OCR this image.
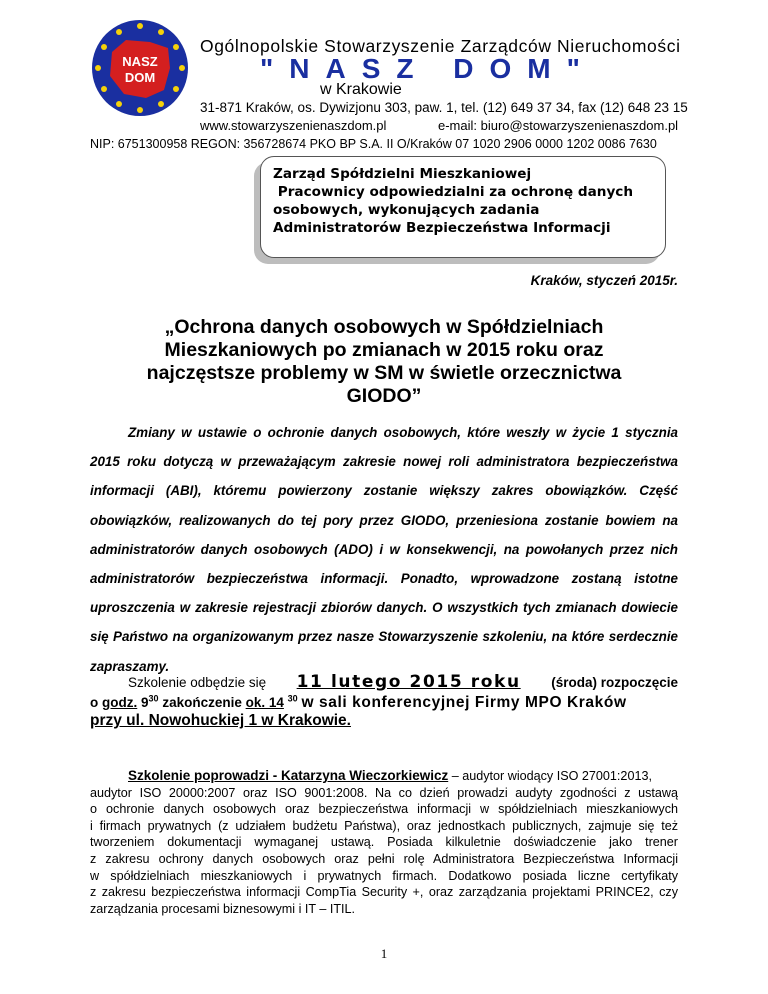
NASZ
DOM
Ogólnopolskie Stowarzyszenie Zarządców Nieruchomości
"NASZ DOM"
w Krakowie
31-871 Kraków, os. Dywizjonu 303, paw. 1, tel. (12) 649 37 34, fax (12) 648 23 15
www.stowarzyszenienaszdom.pl	e-mail: biuro@stowarzyszenienaszdom.pl
NIP: 6751300958 REGON: 356728674 PKO BP S.A. II O/Kraków 07 1020 2906 0000 1202 0086 7630
Zarząd Spółdzielni Mieszkaniowej
Pracownicy odpowiedzialni za ochronę danych
osobowych, wykonujących zadania
Administratorów Bezpieczeństwa Informacji
Kraków, styczeń 2015r.
„Ochrona danych osobowych w Spółdzielniach
Mieszkaniowych po zmianach w 2015 roku oraz
najczęstsze problemy w SM w świetle orzecznictwa
GIODO”
Zmiany w ustawie o ochronie danych osobowych, które weszły w życie 1 stycznia
2015 roku dotyczą w przeważającym zakresie nowej roli administratora bezpieczeństwa
informacji (ABI), któremu powierzony zostanie większy zakres obowiązków. Część
obowiązków, realizowanych do tej pory przez GIODO, przeniesiona zostanie bowiem na
administratorów danych osobowych (ADO) i w konsekwencji, na powołanych przez nich
administratorów bezpieczeństwa informacji. Ponadto, wprowadzone zostaną istotne
uproszczenia w zakresie rejestracji zbiorów danych. O wszystkich tych zmianach dowiecie
się Państwo na organizowanym przez nasze Stowarzyszenie szkoleniu, na które serdecznie
zapraszamy.
Szkolenie odbędzie się 11 lutego 2015 roku (środa) rozpoczęcie
o godz. $9^{30}$ zakończenie ok. 14 $^{30}$ w sali konferencyjnej Firmy MPO Kraków
przy ul. Nowohuckiej 1 w Krakowie.
Szkolenie poprowadzi - Katarzyna Wieczorkiewicz – audytor wiodący ISO 27001:2013,
audytor ISO 20000:2007 oraz ISO 9001:2008. Na co dzień prowadzi audyty zgodności z ustawą
o ochronie danych osobowych oraz bezpieczeństwa informacji w spółdzielniach mieszkaniowych
i firmach prywatnych (z udziałem budżetu Państwa), oraz jednostkach publicznych, zajmuje się też
tworzeniem dokumentacji wymaganej ustawą. Posiada kilkuletnie doświadczenie jako trener
z zakresu ochrony danych osobowych oraz pełni rolę Administratora Bezpieczeństwa Informacji
w spółdzielniach mieszkaniowych i prywatnych firmach. Dodatkowo posiada liczne certyfikaty
z zakresu bezpieczeństwa informacji CompTia Security +, oraz zarządzania projektami PRINCE2, czy
zarządzania procesami biznesowymi i IT – ITIL.
1
